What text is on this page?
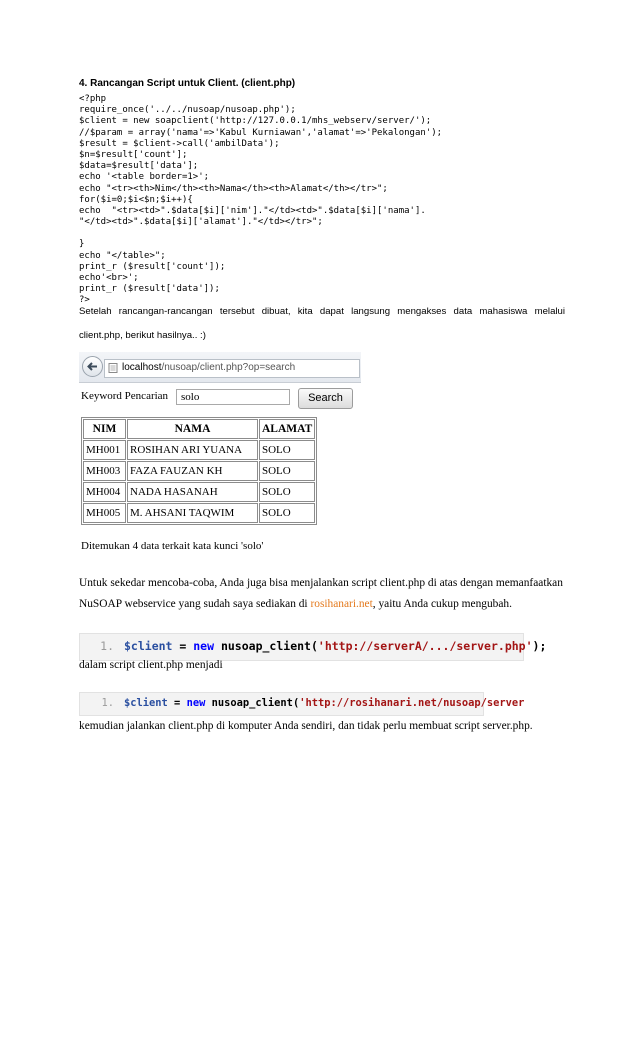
4. Rancangan Script untuk Client. (client.php)
<?php
require_once('../../nusoap/nusoap.php');
$client = new soapclient('http://127.0.0.1/mhs_webserv/server/');
//$param = array('nama'=>'Kabul Kurniawan','alamat'=>'Pekalongan');
$result = $client->call('ambilData');
$n=$result['count'];
$data=$result['data'];
echo '<table border=1>';
echo "<tr><th>Nim</th><th>Nama</th><th>Alamat</th></tr>";
for($i=0;$i<$n;$i++){
echo  "<tr><td>".$data[$i]['nim']."</td><td>".$data[$i]['nama'].
"</td><td>".$data[$i]['alamat']."</td></tr>";
}
echo "</table>";
print_r ($result['count']);
echo'<br>';
print_r ($result['data']);
?>
Setelah rancangan-rancangan tersebut dibuat, kita dapat langsung mengakses data mahasiswa melalui client.php, berikut hasilnya.. :)
localhost/nusoap/client.php?op=search
Keyword Pencarian	solo	Search
NIM	NAMA	ALAMAT
MH001	ROSIHAN ARI YUANA	SOLO
MH003	FAZA FAUZAN KH	SOLO
MH004	NADA HASANAH	SOLO
MH005	M. AHSANI TAQWIM	SOLO
Ditemukan 4 data terkait kata kunci 'solo'
Untuk sekedar mencoba-coba, Anda juga bisa menjalankan script client.php di atas dengan memanfaatkan NuSOAP webservice yang sudah saya sediakan di rosihanari.net, yaitu Anda cukup mengubah.
1. $client = new nusoap_client('http://serverA/.../server.php');
dalam script client.php menjadi
1. $client = new nusoap_client('http://rosihanari.net/nusoap/server
kemudian jalankan client.php di komputer Anda sendiri, dan tidak perlu membuat script server.php.
